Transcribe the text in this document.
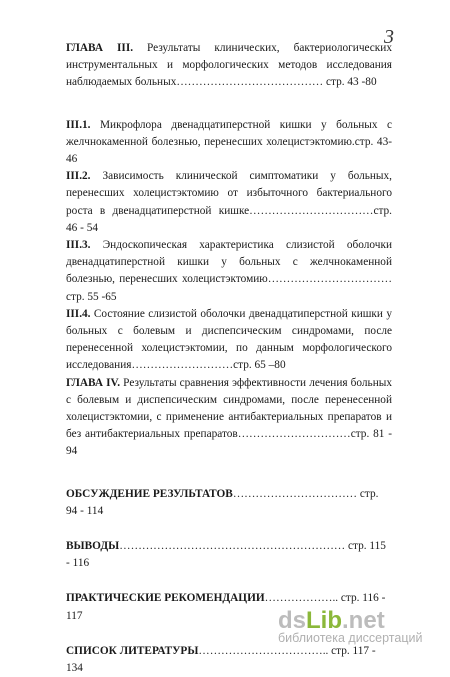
3

ГЛАВА III. Результаты клинических, бактериологических инструментальных и морфологических методов исследования наблюдаемых больных………………………………… стр. 43 -80

III.1. Микрофлора двенадцатиперстной кишки у больных с желчнокаменной болезнью, перенесших холецистэктомию.стр. 43-46

III.2. Зависимость клинической симптоматики у больных, перенесших холецистэктомию от избыточного бактериального роста в двенадцатиперстной кишке……………………………стр. 46 - 54

III.3. Эндоскопическая характеристика слизистой оболочки двенадцатиперстной кишки у больных с желчнокаменной болезнью, перенесших холецистэктомию……………………………стр. 55 -65

III.4. Состояние слизистой оболочки двенадцатиперстной кишки у больных с болевым и диспепсическим синдромами, после перенесенной холецистэктомии, по данным морфологического исследования………………………стр. 65 –80

ГЛАВА IV. Результаты сравнения эффективности лечения больных с болевым и диспепсическим синдромами, после перенесенной холецистэктомии, с применение антибактериальных препаратов и без антибактериальных препаратов…………………………стр. 81 - 94

ОБСУЖДЕНИЕ РЕЗУЛЬТАТОВ…………………………… стр. 94 - 114

ВЫВОДЫ…………………………………………………… стр. 115 - 116

ПРАКТИЧЕСКИЕ РЕКОМЕНДАЦИИ……………….. стр. 116 - 117

СПИСОК ЛИТЕРАТУРЫ…………………………….. стр. 117 - 134

ds Lib .net
библиотека диссертаций
